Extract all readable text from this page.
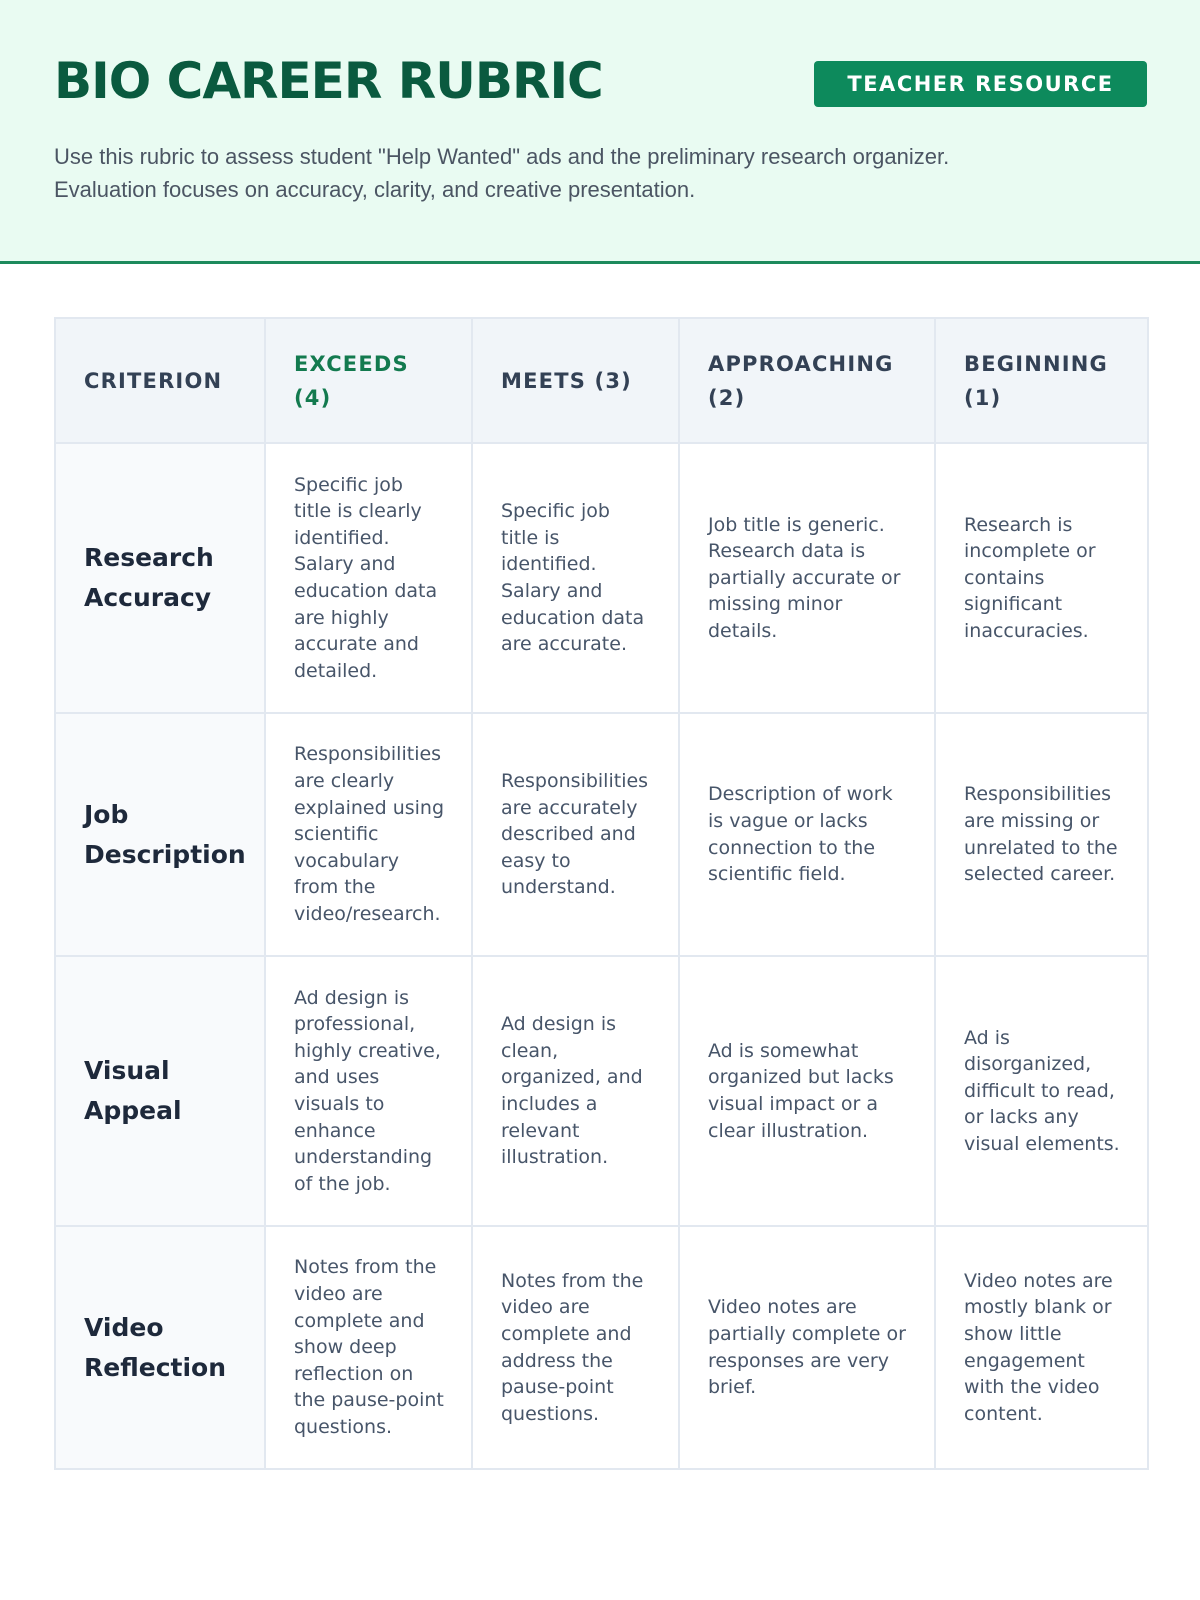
BIO CAREER RUBRIC	TEACHER RESOURCE

Use this rubric to assess student "Help Wanted" ads and the preliminary research organizer.

Evaluation focuses on accuracy, clarity, and creative presentation.

CRITERION	EXCEEDS (4)	MEETS (3)	APPROACHING (2)	BEGINNING (1)
Research Accuracy	Specific job title is clearly identified. Salary and education data are highly accurate and detailed.	Specific job title is identified. Salary and education data are accurate.	Job title is generic. Research data is partially accurate or missing minor details.	Research is incomplete or contains significant inaccuracies.
Job Description	Responsibilities are clearly explained using scientific vocabulary from the video/research.	Responsibilities are accurately described and easy to understand.	Description of work is vague or lacks connection to the scientific field.	Responsibilities are missing or unrelated to the selected career.
Visual Appeal	Ad design is professional, highly creative, and uses visuals to enhance understanding of the job.	Ad design is clean, organized, and includes a relevant illustration.	Ad is somewhat organized but lacks visual impact or a clear illustration.	Ad is disorganized, difficult to read, or lacks any visual elements.
Video Reflection	Notes from the video are complete and show deep reflection on the pause-point questions.	Notes from the video are complete and address the pause-point questions.	Video notes are partially complete or responses are very brief.	Video notes are mostly blank or show little engagement with the video content.
